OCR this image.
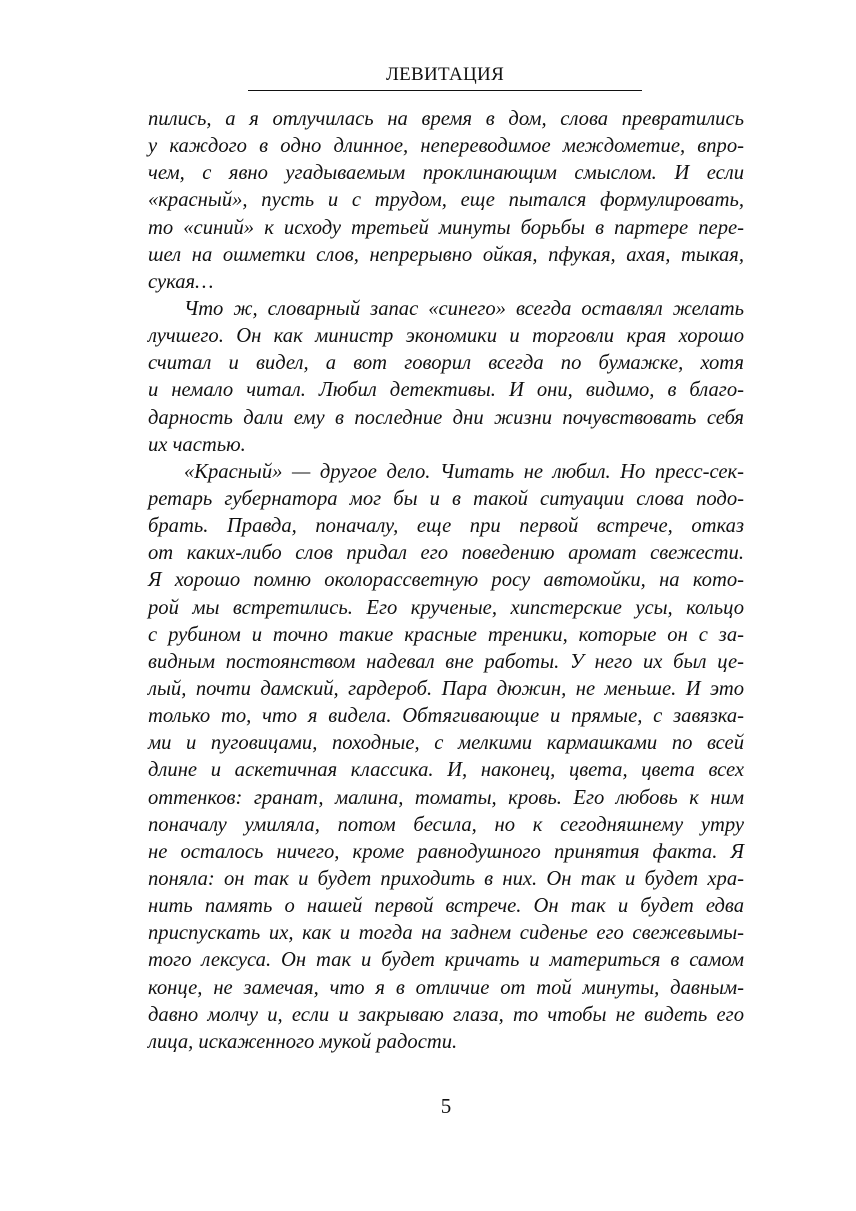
ЛЕВИТАЦИЯ
пились, а я отлучилась на время в дом, слова превратились
у каждого в одно длинное, непереводимое междометие, впро-
чем, с явно угадываемым проклинающим смыслом. И если
«красный», пусть и с трудом, еще пытался формулировать,
то «синий» к исходу третьей минуты борьбы в партере пере-
шел на ошметки слов, непрерывно ойкая, пфукая, ахая, тыкая,
сукая…
Что ж, словарный запас «синего» всегда оставлял желать
лучшего. Он как министр экономики и торговли края хорошо
считал и видел, а вот говорил всегда по бумажке, хотя
и немало читал. Любил детективы. И они, видимо, в благо-
дарность дали ему в последние дни жизни почувствовать себя
их частью.
«Красный» — другое дело. Читать не любил. Но пресс-сек-
ретарь губернатора мог бы и в такой ситуации слова подо-
брать. Правда, поначалу, еще при первой встрече, отказ
от каких-либо слов придал его поведению аромат свежести.
Я хорошо помню околорассветную росу автомойки, на кото-
рой мы встретились. Его крученые, хипстерские усы, кольцо
с рубином и точно такие красные треники, которые он с за-
видным постоянством надевал вне работы. У него их был це-
лый, почти дамский, гардероб. Пара дюжин, не меньше. И это
только то, что я видела. Обтягивающие и прямые, с завязка-
ми и пуговицами, походные, с мелкими кармашками по всей
длине и аскетичная классика. И, наконец, цвета, цвета всех
оттенков: гранат, малина, томаты, кровь. Его любовь к ним
поначалу умиляла, потом бесила, но к сегодняшнему утру
не осталось ничего, кроме равнодушного принятия факта. Я
поняла: он так и будет приходить в них. Он так и будет хра-
нить память о нашей первой встрече. Он так и будет едва
приспускать их, как и тогда на заднем сиденье его свежевымы-
того лексуса. Он так и будет кричать и материться в самом
конце, не замечая, что я в отличие от той минуты, давным-
давно молчу и, если и закрываю глаза, то чтобы не видеть его
лица, искаженного мукой радости.
5
